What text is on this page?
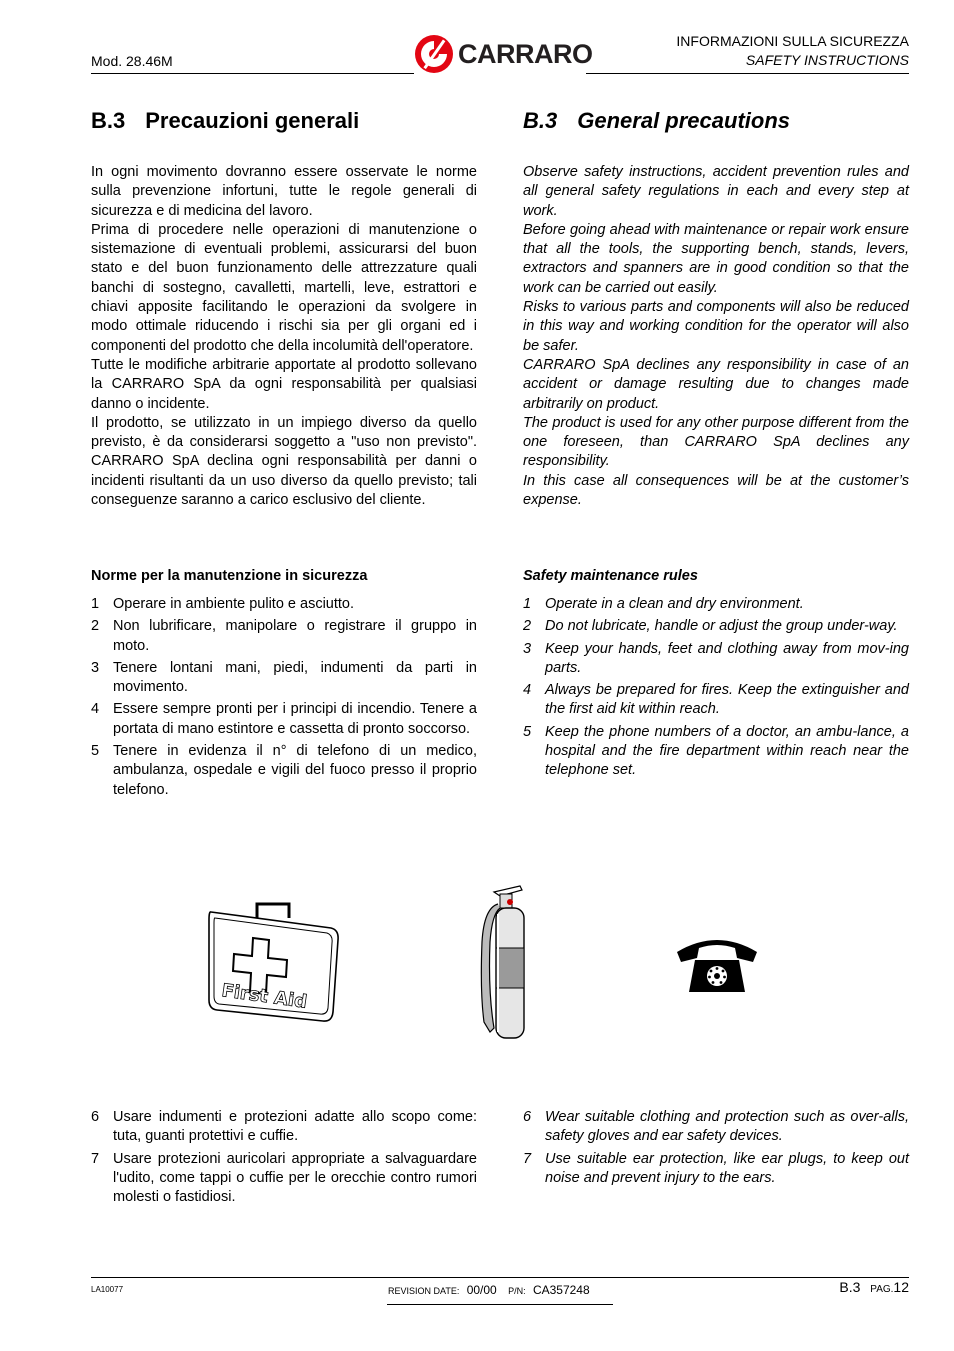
Mod. 28.46M	CARRARO	INFORMAZIONI SULLA SICUREZZA
SAFETY INSTRUCTIONS
B.3 Precauzioni generali	B.3 General precautions

In ogni movimento dovranno essere osservate le norme sulla prevenzione infortuni, tutte le regole generali di sicurezza e di medicina del lavoro.

Prima di procedere nelle operazioni di manutenzione o sistemazione di eventuali problemi, assicurarsi del buon stato e del buon funzionamento delle attrezzature quali banchi di sostegno, cavalletti, martelli, leve, estrattori e chiavi apposite facilitando le operazioni da svolgere in modo ottimale riducendo i rischi sia per gli organi ed i componenti del prodotto che della incolumità dell'operatore.

Tutte le modifiche arbitrarie apportate al prodotto sollevano la CARRARO SpA da ogni responsabilità per qualsiasi danno o incidente.

Il prodotto, se utilizzato in un impiego diverso da quello previsto, è da considerarsi soggetto a "uso non previsto". CARRARO SpA declina ogni responsabilità per danni o incidenti risultanti da un uso diverso da quello previsto; tali conseguenze saranno a carico esclusivo del cliente.

Observe safety instructions, accident prevention rules and all general safety regulations in each and every step at work.

Before going ahead with maintenance or repair work ensure that all the tools, the supporting bench, stands, levers, extractors and spanners are in good condition so that the work can be carried out easily.

Risks to various parts and components will also be reduced in this way and working condition for the operator will also be safer.

CARRARO SpA declines any responsibility in case of an accident or damage resulting due to changes made arbitrarily on product.

The product is used for any other purpose different from the one foreseen, than CARRARO SpA declines any responsibility.

In this case all consequences will be at the customer’s expense.

Norme per la manutenzione in sicurezza	Safety maintenance rules
1 Operare in ambiente pulito e asciutto.
2 Non lubrificare, manipolare o registrare il gruppo in moto.
3 Tenere lontani mani, piedi, indumenti da parti in movimento.
4 Essere sempre pronti per i principi di incendio. Tenere a portata di mano estintore e cassetta di pronto soccorso.
5 Tenere in evidenza il n° di telefono di un medico, ambulanza, ospedale e vigili del fuoco presso il proprio telefono.
1 Operate in a clean and dry environment.
2 Do not lubricate, handle or adjust the group under-way.
3 Keep your hands, feet and clothing away from mov-ing parts.
4 Always be prepared for fires. Keep the extinguisher and the first aid kit within reach.
5 Keep the phone numbers of a doctor, an ambu-lance, a hospital and the fire department within reach near the telephone set.
First Aid
6 Usare indumenti e protezioni adatte allo scopo come: tuta, guanti protettivi e cuffie.
7 Usare protezioni auricolari appropriate a salvaguardare l'udito, come tappi o cuffie per le orecchie contro rumori molesti o fastidiosi.
6 Wear suitable clothing and protection such as over-alls, safety gloves and ear safety devices.
7 Use suitable ear protection, like ear plugs, to keep out noise and prevent injury to the ears.
LA10077	REVISION DATE: 00/00 P/N: CA357248	B.3 PAG.12
